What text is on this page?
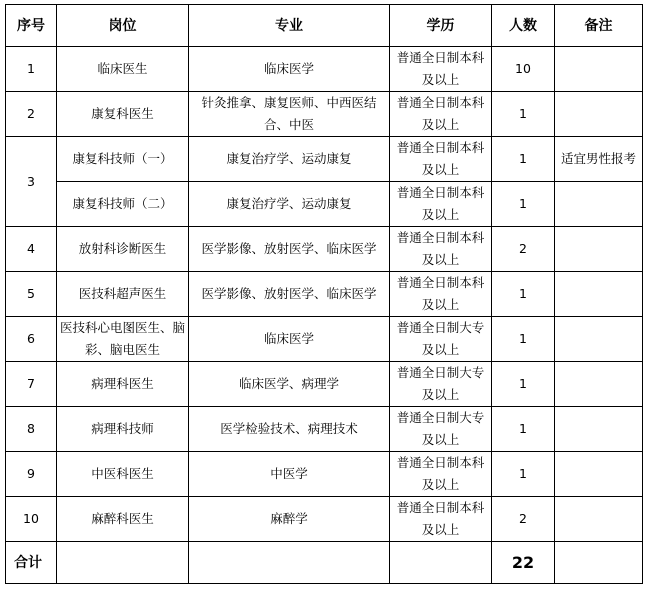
序号	岗位	专业	学历	人数	备注
1	临床医生	临床医学	普通全日制本科及以上	10	
2	康复科医生	针灸推拿、康复医师、中西医结合、中医	普通全日制本科及以上	1	
3	康复科技师（一）	康复治疗学、运动康复	普通全日制本科及以上	1	适宜男性报考
	康复科技师（二）	康复治疗学、运动康复	普通全日制本科及以上	1	
4	放射科诊断医生	医学影像、放射医学、临床医学	普通全日制本科及以上	2	
5	医技科超声医生	医学影像、放射医学、临床医学	普通全日制本科及以上	1	
6	医技科心电图医生、脑彩、脑电医生	临床医学	普通全日制大专及以上	1	
7	病理科医生	临床医学、病理学	普通全日制大专及以上	1	
8	病理科技师	医学检验技术、病理技术	普通全日制大专及以上	1	
9	中医科医生	中医学	普通全日制本科及以上	1	
10	麻醉科医生	麻醉学	普通全日制本科及以上	2	
合计				22	
